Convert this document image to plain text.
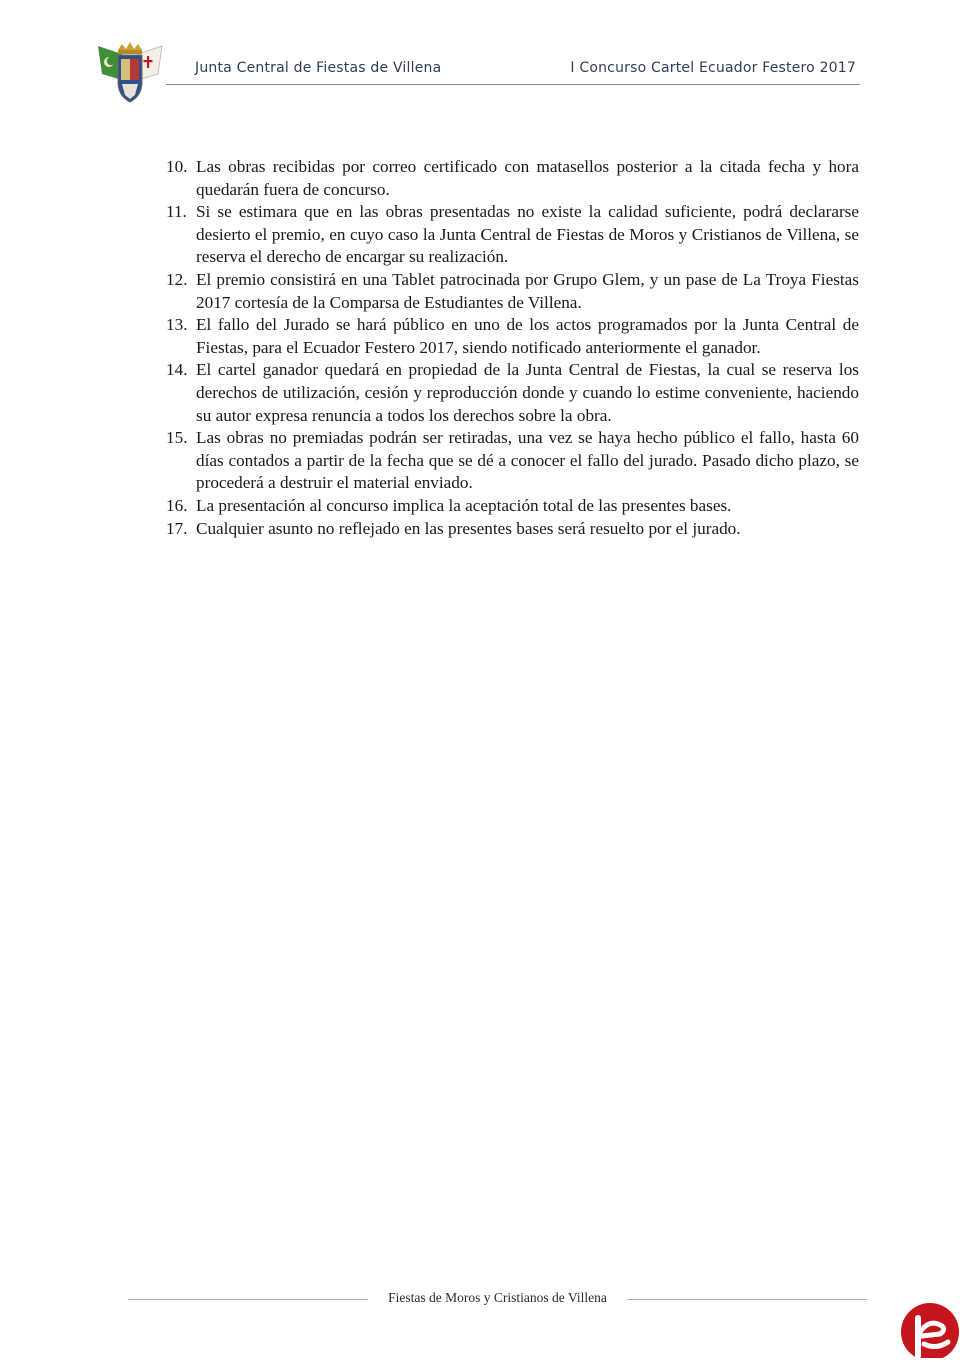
Junta Central de Fiestas de Villena	I Concurso Cartel Ecuador Festero 2017
10. Las obras recibidas por correo certificado con matasellos posterior a la citada fecha y hora quedarán fuera de concurso.
11. Si se estimara que en las obras presentadas no existe la calidad suficiente, podrá declararse desierto el premio, en cuyo caso la Junta Central de Fiestas de Moros y Cristianos de Villena, se reserva el derecho de encargar su realización.
12. El premio consistirá en una Tablet patrocinada por Grupo Glem, y un pase de La Troya Fiestas 2017 cortesía de la Comparsa de Estudiantes de Villena.
13. El fallo del Jurado se hará público en uno de los actos programados por la Junta Central de Fiestas, para el Ecuador Festero 2017, siendo notificado anteriormente el ganador.
14. El cartel ganador quedará en propiedad de la Junta Central de Fiestas, la cual se reserva los derechos de utilización, cesión y reproducción donde y cuando lo estime conveniente, haciendo su autor expresa renuncia a todos los derechos sobre la obra.
15. Las obras no premiadas podrán ser retiradas, una vez se haya hecho público el fallo, hasta 60 días contados a partir de la fecha que se dé a conocer el fallo del jurado. Pasado dicho plazo, se procederá a destruir el material enviado.
16. La presentación al concurso implica la aceptación total de las presentes bases.
17. Cualquier asunto no reflejado en las presentes bases será resuelto por el jurado.
Fiestas de Moros y Cristianos de Villena
